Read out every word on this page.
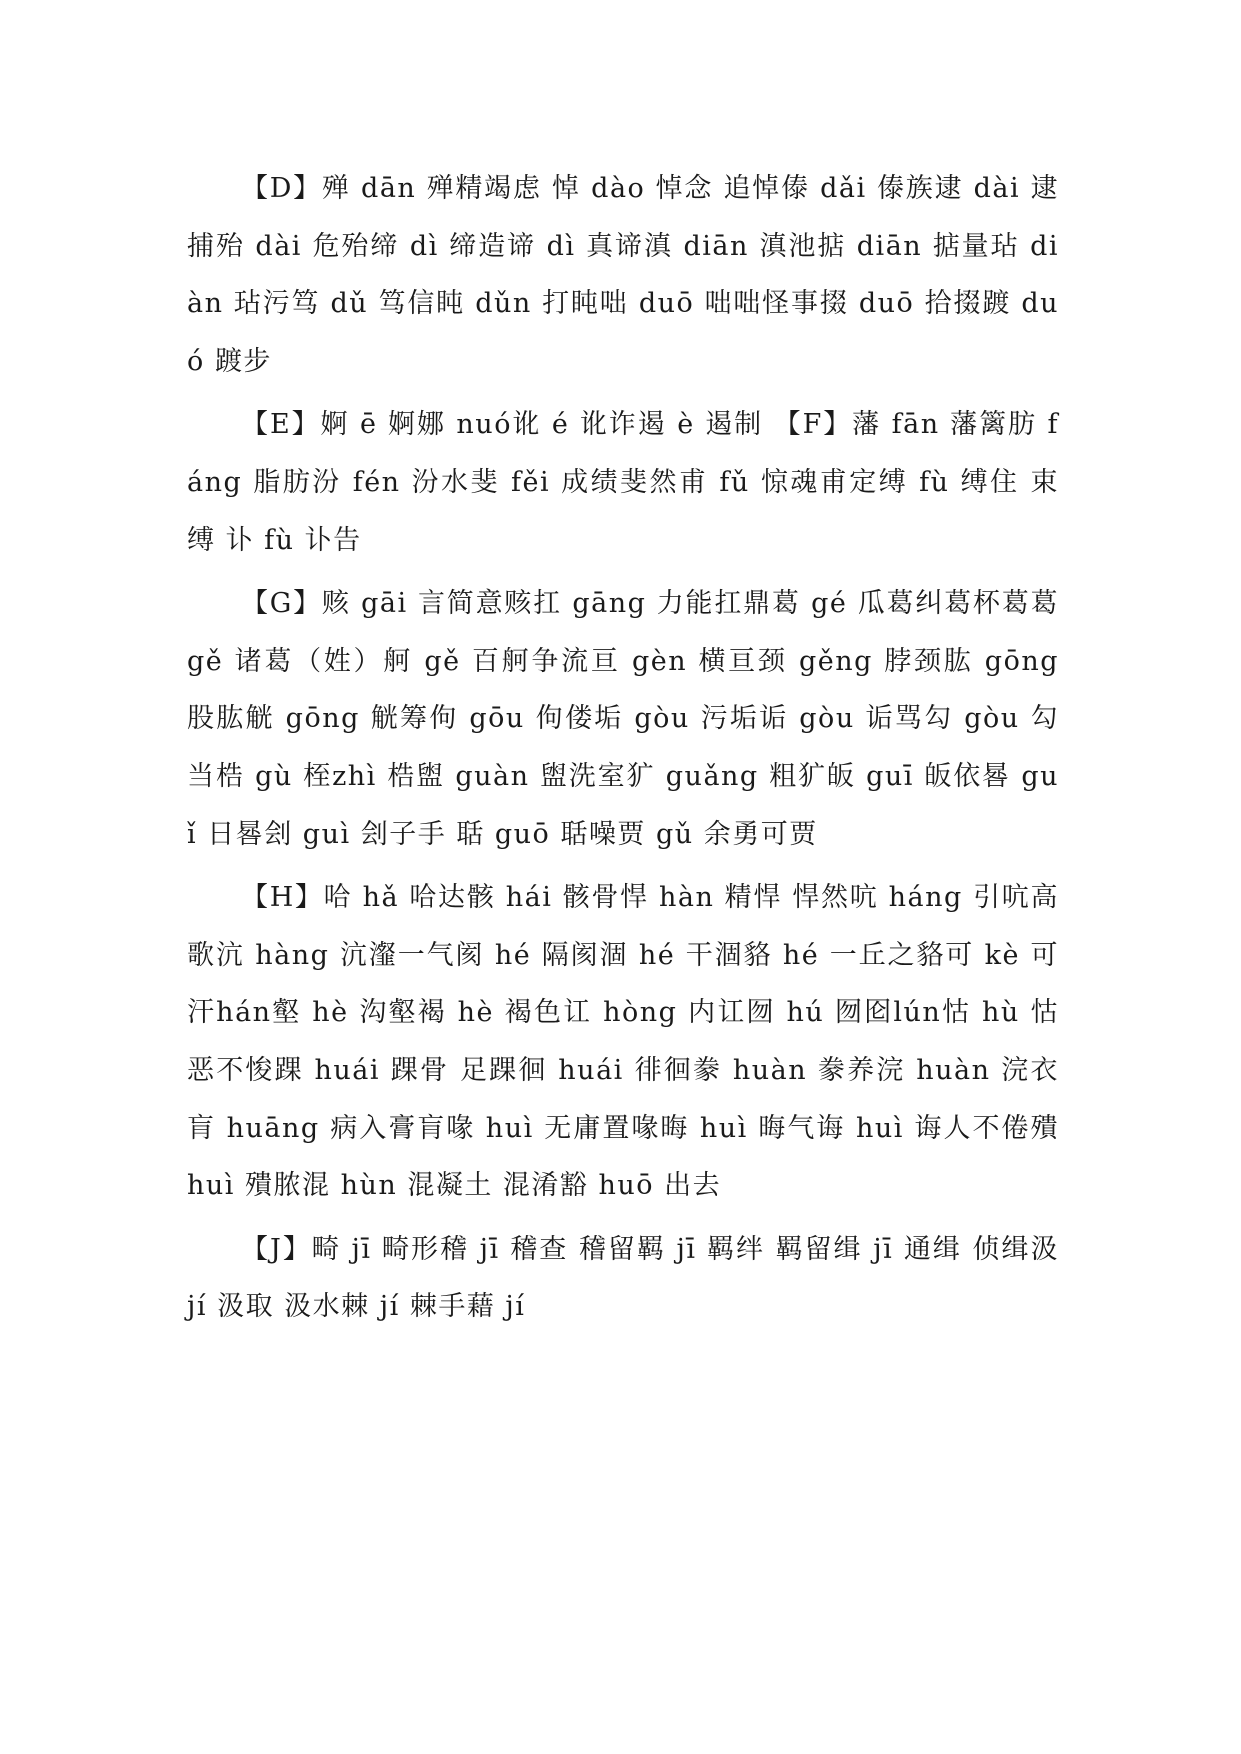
【D】殚 dān 殚精竭虑 悼 dào 悼念 追悼傣 dǎi 傣族逮 dài 逮捕殆 dài 危殆缔 dì 缔造谛 dì 真谛滇 diān 滇池掂 diān 掂量玷 diàn 玷污笃 dǔ 笃信盹 dǔn 打盹咄 duō 咄咄怪事掇 duō 拾掇踱 duó 踱步

【E】婀 ē 婀娜 nuó讹 é 讹诈遏 è 遏制 【F】藩 fān 藩篱肪 fáng 脂肪汾 fén 汾水斐 fěi 成绩斐然甫 fǔ 惊魂甫定缚 fù 缚住 束缚 讣 fù 讣告

【G】赅 gāi 言简意赅扛 gāng 力能扛鼎葛 gé 瓜葛纠葛杯葛葛gě 诸葛（姓）舸 gě 百舸争流亘 gèn 横亘颈 gěng 脖颈肱 gōng 股肱觥 gōng 觥筹佝 gōu 佝偻垢 gòu 污垢诟 gòu 诟骂勾 gòu 勾当梏 gù 桎zhì 梏盥 guàn 盥洗室犷 guǎng 粗犷皈 guī 皈依晷 guǐ 日晷刽 guì 刽子手 聒 guō 聒噪贾 gǔ 余勇可贾

【H】哈 hǎ 哈达骸 hái 骸骨悍 hàn 精悍 悍然吭 háng 引吭高歌沆 hàng 沆瀣一气阂 hé 隔阂涸 hé 干涸貉 hé 一丘之貉可 kè 可汗hán壑 hè 沟壑褐 hè 褐色讧 hòng 内讧囫 hú 囫囵lún怙 hù 怙恶不悛踝 huái 踝骨 足踝徊 huái 徘徊豢 huàn 豢养浣 huàn 浣衣肓 huāng 病入膏肓喙 huì 无庸置喙晦 huì 晦气诲 huì 诲人不倦殨 huì 殨脓混 hùn 混凝土 混淆豁 huō 出去

【J】畸 jī 畸形稽 jī 稽查 稽留羁 jī 羁绊 羁留缉 jī 通缉 侦缉汲 jí 汲取 汲水棘 jí 棘手藉 jí
